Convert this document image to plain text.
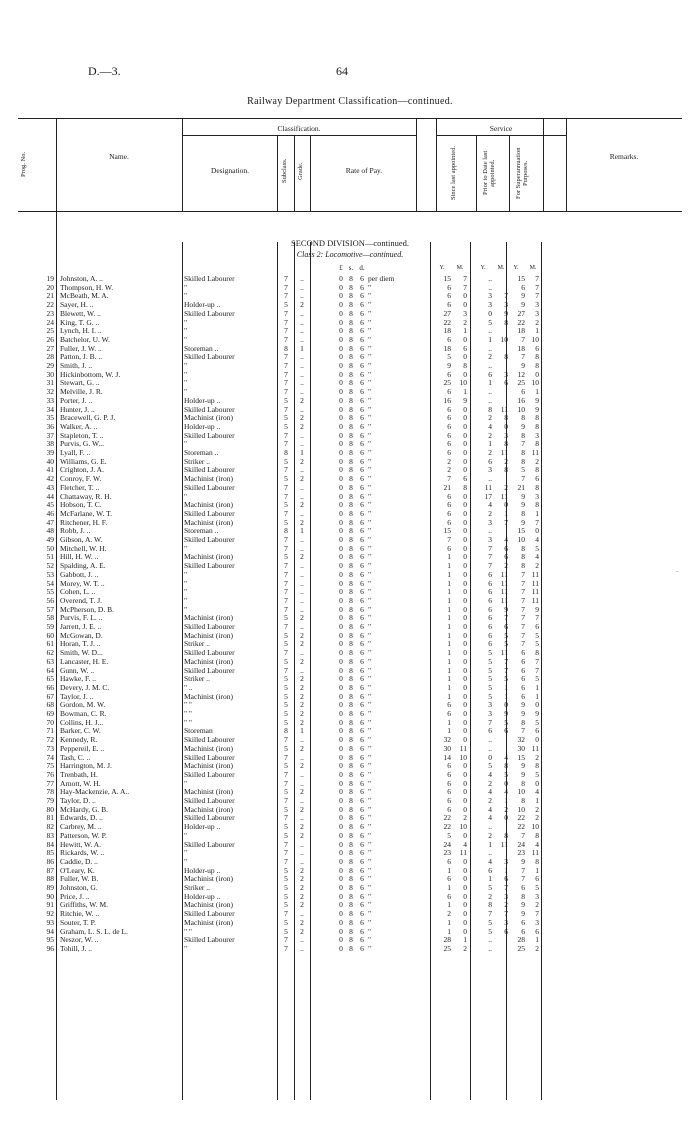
D.—3.	64
Railway Department Classification—continued.
Prog. No.	Name.
Classification.
Designation.	Subclass.	Grade.	Rate of Pay.
Service
Since last appointed.	Prior to Date last appointed.	For Superannuation Purposes.
Remarks.
SECOND DIVISION—continued.
Class 2: Locomotive—continued.
£ s. d.	Y.	M.	Y.	M.	Y.	M.
19 Johnston, A. ..	Skilled Labourer	7	..	0 8 6 per diem	15	7	..	15	7
20 Thompson, H. W.	"	7	..	0 8 6 "	6	7	..	6	7
21 McBeath, M. A.	"	7	..	0 8 6 "	6	0	3	7	9	7
22 Sayer, H. ..	Holder-up ..	5	2	0 8 6 "	6	0	3	3	9	3
23 Blewett, W. ..	Skilled Labourer	7	..	0 8 6 "	27	3	0	9	27	3
24 King, T. G. ..	"	7	..	0 8 6 "	22	2	5	8	22	2
25 Lynch, H. I. ..	"	7	..	0 8 6 "	18	1	..	18	1
26 Batchelor, U. W.	"	7	..	0 8 6 "	6	0	1	10	7 10
27 Fuller, J. W. ..	Storeman ..	8	1	0 8 6 "	18	6	..	18	6
28 Patton, J. B. ..	Skilled Labourer	7	..	0 8 6 "	5	0	2	8	7	8
29 Smith, J. ..	"	7	..	0 8 6 "	9	8	..	9	8
30 Hickinbottom, W. J.	"	7	..	0 8 6 "	6	0	6	3	12	0
31 Stewart, G. ..	"	7	..	0 8 6 "	25	10	1	6	25 10
32 Melville, J. R.	"	7	..	0 8 6 "	6	1	..	6	1
33 Porter, J. ..	Holder-up ..	5	2	0 8 6 "	16	9	..	16	9
34 Hunter, J. ..	Skilled Labourer	7	..	0 8 6 "	6	0	8	11	10	9
35 Bracewell, G. P. J.	Machinist (iron)	5	2	0 8 6 "	6	0	2	8	8	8
36 Walker, A. ..	Holder-up ..	5	2	0 8 6 "	6	0	4	0	9	8
37 Stapleton, T. ..	Skilled Labourer	7	..	0 8 6 "	6	0	2	3	8	3
38 Purvis, G. W...	"	7	..	0 8 6 "	6	0	1	8	7	8
39 Lyall, F. ..	Storeman ..	8	1	0 8 6 "	6	0	2	11	8 11
40 Williams, G. E.	Striker ..	5	2	0 8 6 "	2	0	6	2	8	2
41 Crighton, J. A.	Skilled Labourer	7	..	0 8 6 "	2	0	3	8	5	8
42 Conroy, F. W.	Machinist (iron)	5	2	0 8 6 "	7	6	..	7	6
43 Fletcher, T. ..	Skilled Labourer	7	..	0 8 6 "	21	8	11	2	21	8
44 Chattaway, R. H.	"	7	..	0 8 6 "	6	0	17	11	9	3
45 Hobson, T. C.	Machinist (iron)	5	2	0 8 6 "	6	0	4	0	9	8
46 McFarlane, W. T.	Skilled Labourer	7	..	0 8 6 "	6	0	2	1	8	1
47 Ritchener, H. F.	Machinist (iron)	5	2	0 8 6 "	6	0	3	7	9	7
48 Robb, J. ..	Storeman ..	8	1	0 8 6 "	15	0	..	15	0
49 Gibson, A. W.	Skilled Labourer	7	..	0 8 6 "	7	0	3	4	10	4
50 Mitchell, W. H.	"	7	..	0 8 6 "	6	0	7	6	8	5
51 Hill, H. W. ..	Machinist (iron)	5	2	0 8 6 "	1	0	7	6	8	4
52 Spalding, A. E.	Skilled Labourer	7	..	0 8 6 "	1	0	7	2	8	2
53 Gabbott, J. ..	"	7	..	0 8 6 "	1	0	6	11	7 11
54 Morey, W. T. ..	"	7	..	0 8 6 "	1	0	6	11	7 11
55 Cohen, L. ..	"	7	..	0 8 6 "	1	0	6	11	7 11
56 Overend, T. J.	"	7	..	0 8 6 "	1	0	6	11	7 11
57 McPherson, D. B.	"	7	..	0 8 6 "	1	0	6	9	7	9
58 Purvis, F. L. ..	Machinist (iron)	5	2	0 8 6 "	1	0	6	7	7	7
59 Jarrett, J. E. ..	Skilled Labourer	7	..	0 8 6 "	1	0	6	6	7	6
60 McGowan, D.	Machinist (iron)	5	2	0 8 6 "	1	0	6	5	7	5
61 Horan, T. J. ..	Striker ..	5	2	0 8 6 "	1	0	6	5	7	5
62 Smith, W. D...	Skilled Labourer	7	..	0 8 6 "	1	0	5	11	6	8
63 Lancaster, H. E.	Machinist (iron)	5	2	0 8 6 "	1	0	5	7	6	7
64 Gunn, W. ..	Skilled Labourer	7	..	0 8 6 "	1	0	5	7	6	7
65 Hawke, F. ..	Striker ..	5	2	0 8 6 "	1	0	5	5	6	5
66 Devery, J. M. C.	" ..	5	2	0 8 6 "	1	0	5	1	6	1
67 Taylor, J. ..	Machinist (iron)	5	2	0 8 6 "	1	0	5	1	6	1
68 Gordon, M. W.	" "	5	2	0 8 6 "	6	0	3	0	9	0
69 Bowman, C. R.	" "	5	2	0 8 6 "	6	0	3	9	9	9
70 Collins, H. J...	" "	5	2	0 8 6 "	1	0	7	5	8	5
71 Barker, C. W.	Storeman	8	1	0 8 6 "	1	0	6	6	7	6
72 Kennedy, R.	Skilled Labourer	7	..	0 8 6 "	32	0	..	32	0
73 Peppereil, E. ..	Machinist (iron)	5	2	0 8 6 "	30	11	..	30 11
74 Tash, C. ..	Skilled Labourer	7	..	0 8 6 "	14	10	0	4	15	2
75 Harrington, M. J.	Machinist (iron)	5	2	0 8 6 "	6	0	5	8	9	8
76 Trenbath, H.	Skilled Labourer	7	..	0 8 6 "	6	0	4	5	9	5
77 Arnott, W. H.	"	7	..	0 8 6 "	6	0	2	0	8	0
78 Hay-Mackenzie, A. A..	Machinist (iron)	5	2	0 8 6 "	6	0	4	4	10	4
79 Taylor, D. ..	Skilled Labourer	7	..	0 8 6 "	6	0	2	1	8	1
80 McHardy, G. B.	Machinist (iron)	5	2	0 8 6 "	6	0	4	2	10	2
81 Edwards, D. ..	Skilled Labourer	7	..	0 8 6 "	22	2	4	0	22	2
82 Carbrey, M. ..	Holder-up ..	5	2	0 8 6 "	22	10	..	22 10
83 Patterson, W. P.	"	5	2	0 8 6 "	5	0	2	8	7	8
84 Hewitt, W. A.	Skilled Labourer	7	..	0 8 6 "	24	4	1	11	24	4
85 Rickards, W. ..	"	7	..	0 8 6 "	23	11	..	23 11
86 Caddie, D. ..	"	7	..	0 8 6 "	6	0	4	3	9	8
87 O'Leary, K.	Holder-up ..	5	2	0 8 6 "	1	0	6	1	7	1
88 Fuller, W. B.	Machinist (iron)	5	2	0 8 6 "	6	0	1	6	7	6
89 Johnston, G.	Striker ..	5	2	0 8 6 "	1	0	5	7	6	5
90 Price, J. ..	Holder-up ..	5	2	0 8 6 "	6	0	2	3	8	3
91 Griffiths, W. M.	Machinist (iron)	5	2	0 8 6 "	1	0	8	2	9	2
92 Ritchie, W. ..	Skilled Labourer	7	..	0 8 6 "	2	0	7	7	9	7
93 Souter, T. P.	Machinist (iron)	5	2	0 8 6 "	1	0	5	3	6	3
94 Graham, L. S. L. de L.	" "	5	2	0 8 6 "	1	0	5	6	6	6
95 Neszor, W. ..	Skilled Labourer	7	..	0 8 6 "	28	1	..	28	1
96 Tohill, J. ..	"	7	..	0 8 6 "	25	2	..	25	2
`
